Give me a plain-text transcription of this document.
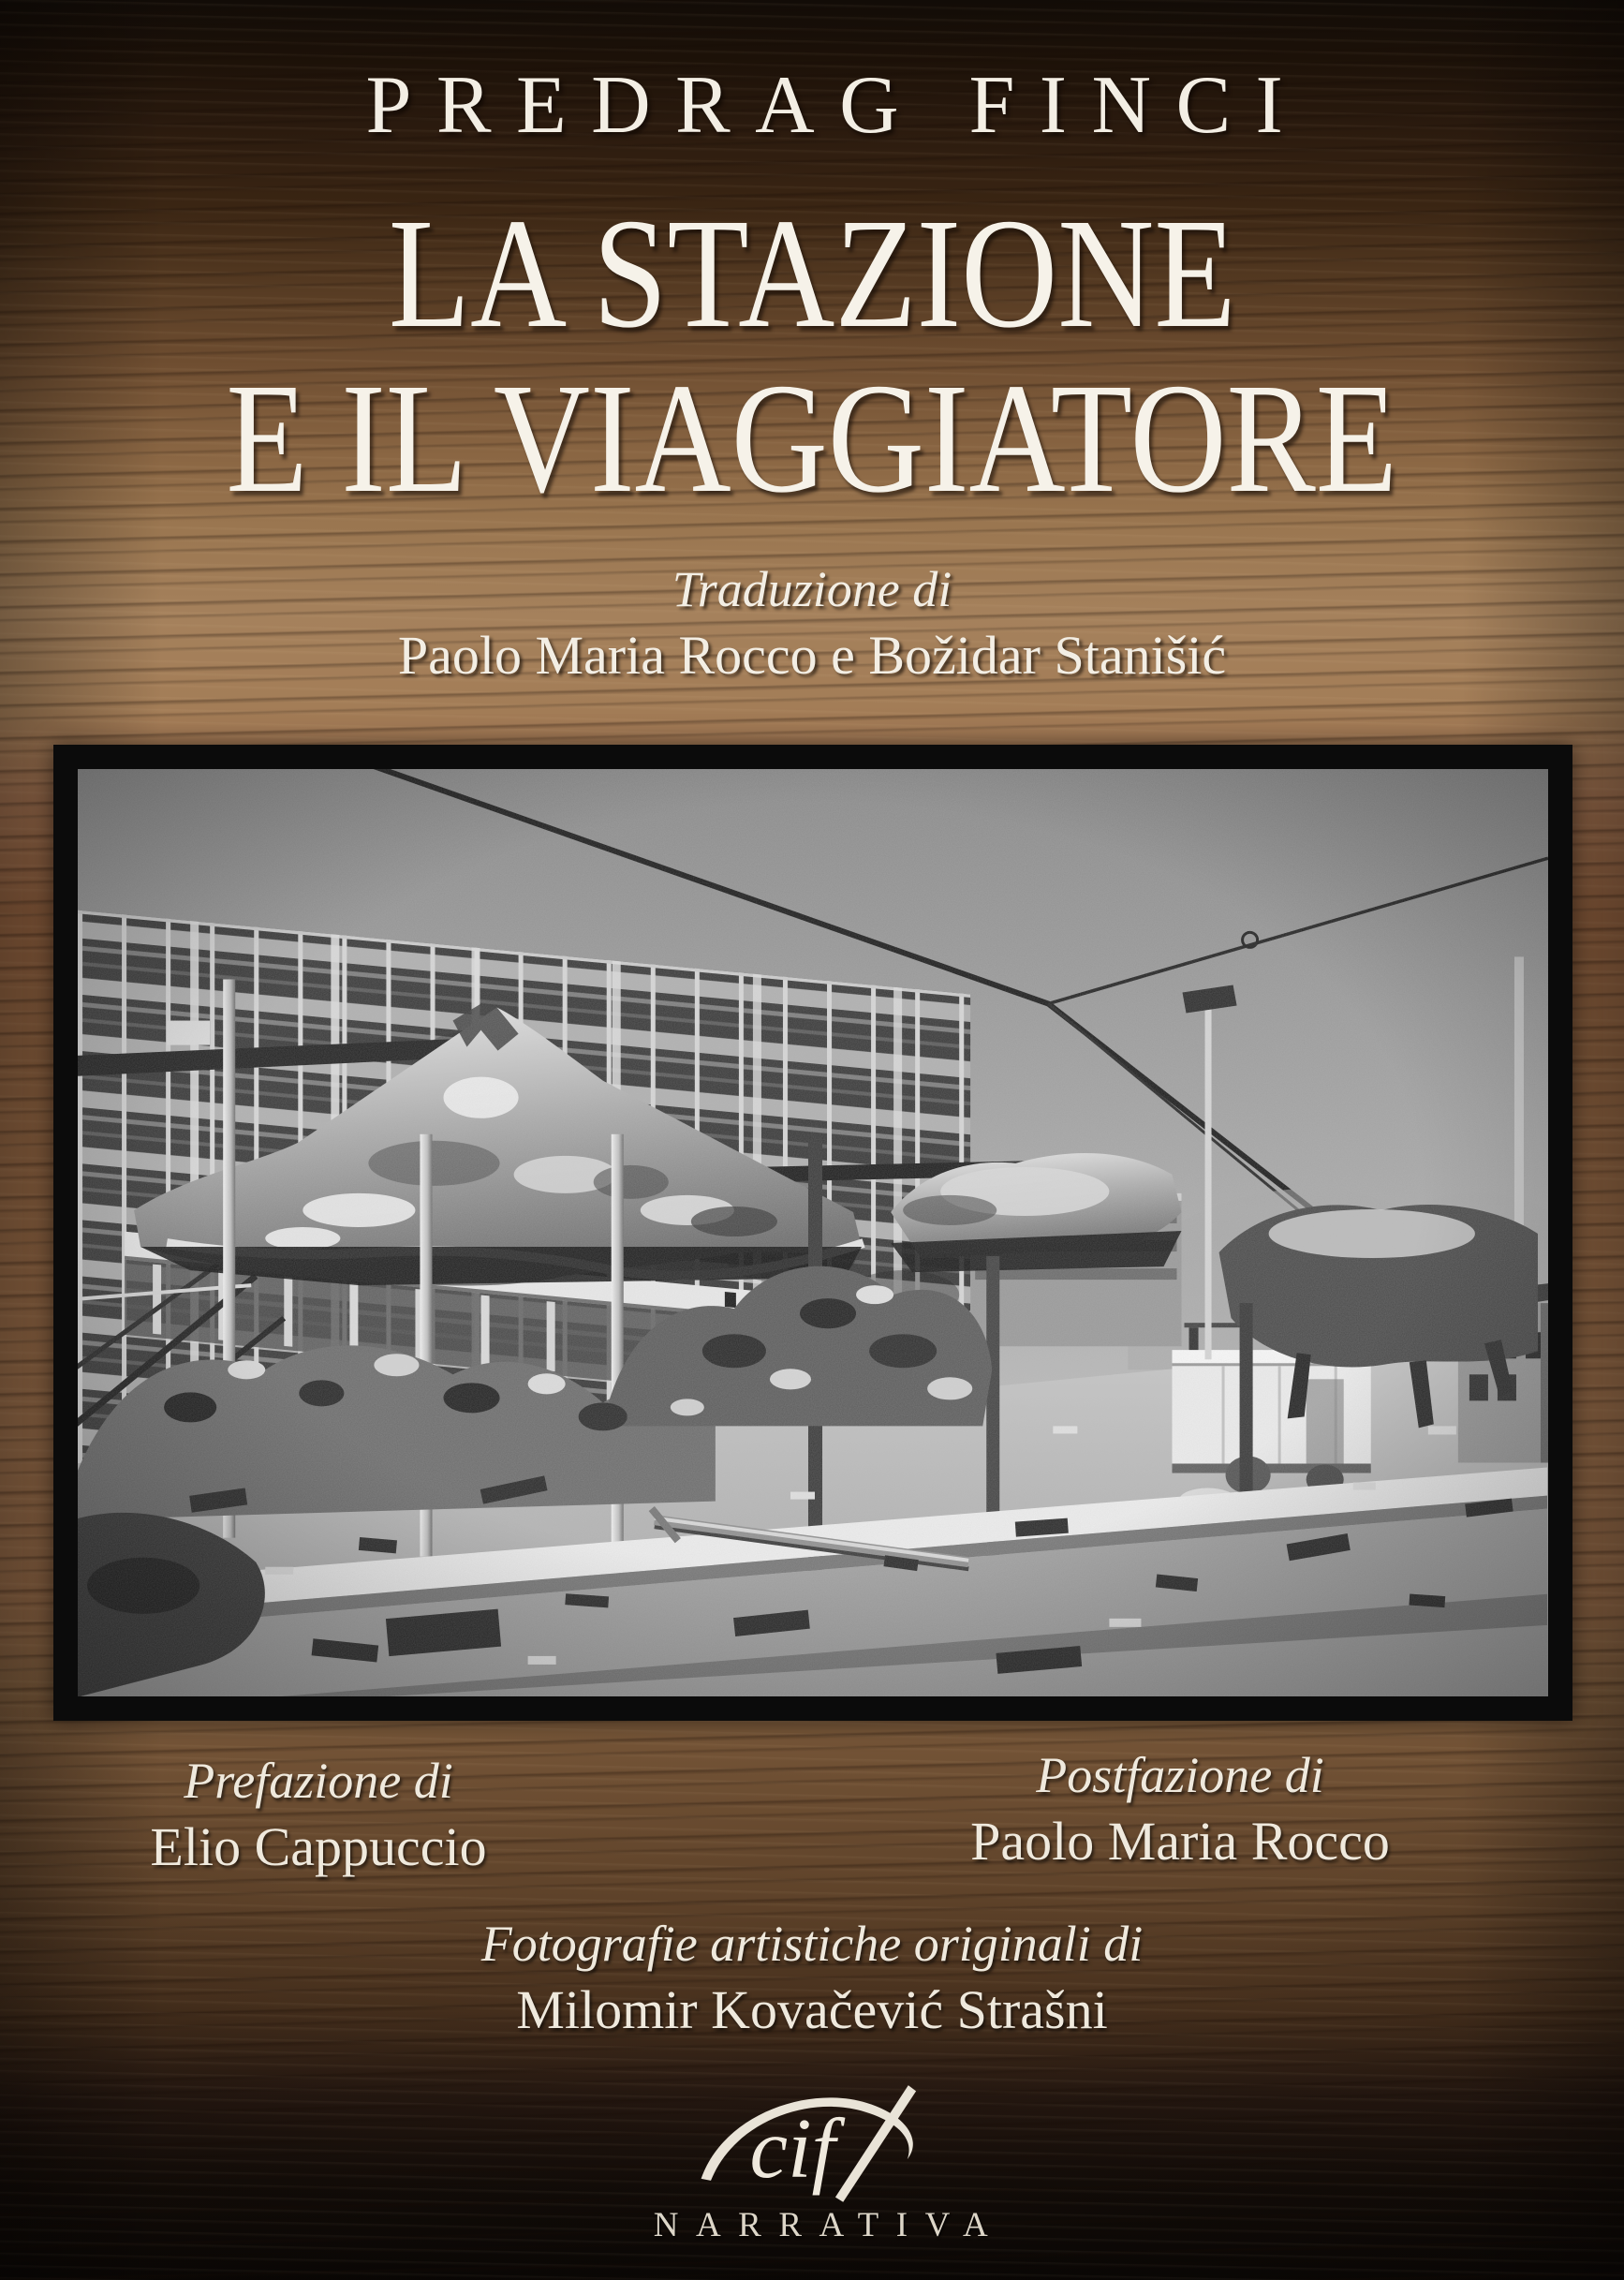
PREDRAG FINCI
LA STAZIONE
E IL VIAGGIATORE
Traduzione di
Paolo Maria Rocco e Božidar Stanišić
Prefazione di
Elio Cappuccio
Postfazione di
Paolo Maria Rocco
Fotografie artistiche originali di
Milomir Kovačević Strašni
cif
NARRATIVA
